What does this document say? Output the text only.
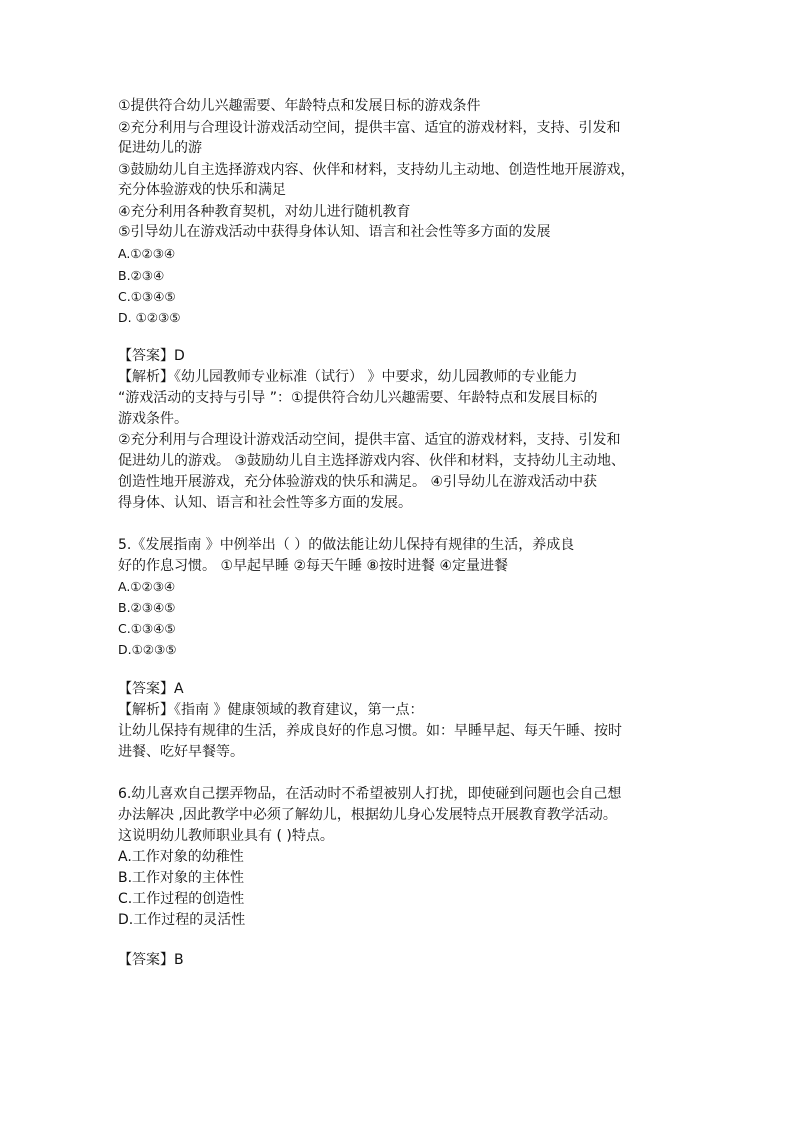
①提供符合幼儿兴趣需要、年龄特点和发展日标的游戏条件
②充分利用与合理设计游戏活动空间，提供丰富、适宜的游戏材料，支持、引发和
促进幼儿的游
③鼓励幼儿自主选择游戏内容、伙伴和材料，支持幼儿主动地、创造性地开展游戏，
充分体验游戏的快乐和满足
④充分利用各种教育契机，对幼儿进行随机教育
⑤引导幼儿在游戏活动中获得身体认知、语言和社会性等多方面的发展
A.①②③④
B.②③④
C.①③④⑤
D. ①②③⑤
【答案】D
【解析】《幼儿园教师专业标准（试行） 》中要求，幼儿园教师的专业能力
“游戏活动的支持与引导 ”：①提供符合幼儿兴趣需要、年龄特点和发展目标的
游戏条件。
②充分利用与合理设计游戏活动空间，提供丰富、适宜的游戏材料，支持、引发和
促进幼儿的游戏。 ③鼓励幼儿自主选择游戏内容、伙伴和材料，支持幼儿主动地、
创造性地开展游戏，充分体验游戏的快乐和满足。 ④引导幼儿在游戏活动中获
得身体、认知、语言和社会性等多方面的发展。
5.《发展指南 》中例举出（ ）的做法能让幼儿保持有规律的生活，养成良
好的作息习惯。 ①早起早睡 ②每天午睡 ⑧按时进餐 ④定量进餐
A.①②③④
B.②③④⑤
C.①③④⑤
D.①②③⑤
【答案】A
【解析】《指南 》健康领域的教育建议，第一点：
让幼儿保持有规律的生活，养成良好的作息习惯。如：早睡早起、每天午睡、按时
进餐、吃好早餐等。
6.幼儿喜欢自己摆弄物品，在活动时不希望被别人打扰，即使碰到问题也会自己想
办法解决 ,因此教学中必须了解幼儿，根据幼儿身心发展特点开展教育教学活动。
这说明幼儿教师职业具有 ( )特点。
A.工作对象的幼稚性
B.工作对象的主体性
C.工作过程的创造性
D.工作过程的灵活性
【答案】B
